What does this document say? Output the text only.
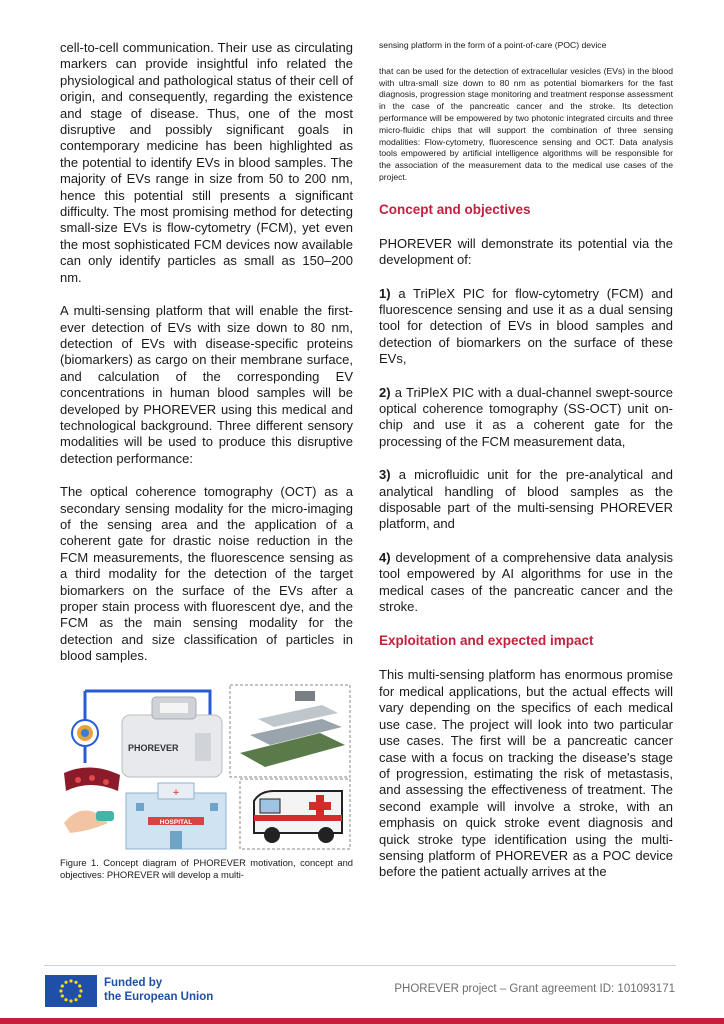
cell-to-cell communication. Their use as circulating markers can provide insightful info related the physiological and pathological status of their cell of origin, and consequently, regarding the existence and stage of disease. Thus, one of the most disruptive and possibly significant goals in contemporary medicine has been highlighted as the potential to identify EVs in blood samples. The majority of EVs range in size from 50 to 200 nm, hence this potential still presents a significant difficulty. The most promising method for detecting small-size EVs is flow-cytometry (FCM), yet even the most sophisticated FCM devices now available can only identify particles as small as 150–200 nm.

A multi-sensing platform that will enable the first-ever detection of EVs with size down to 80 nm, detection of EVs with disease-specific proteins (biomarkers) as cargo on their membrane surface, and calculation of the corresponding EV concentrations in human blood samples will be developed by PHOREVER using this medical and technological background. Three different sensory modalities will be used to produce this disruptive detection performance:

The optical coherence tomography (OCT) as a secondary sensing modality for the micro-imaging of the sensing area and the application of a coherent gate for drastic noise reduction in the FCM measurements, the fluorescence sensing as a third modality for the detection of the target biomarkers on the surface of the EVs after a proper stain process with fluorescent dye, and the FCM as the main sensing modality for the detection and size classification of particles in blood samples.

PHOREVER
+
HOSPITAL

Figure 1. Concept diagram of PHOREVER motivation, concept and objectives: PHOREVER will develop a multi-

sensing platform in the form of a point-of-care (POC) device

that can be used for the detection of extracellular vesicles (EVs) in the blood with ultra-small size down to 80 nm as potential biomarkers for the fast diagnosis, progression stage monitoring and treatment response assessment in the case of the pancreatic cancer and the stroke. Its detection performance will be empowered by two photonic integrated circuits and three micro-fluidic chips that will support the combination of three sensing modalities: Flow-cytometry, fluorescence sensing and OCT. Data analysis tools empowered by artificial intelligence algorithms will be responsible for the association of the measurement data to the medical use cases of the project.

Concept and objectives

PHOREVER will demonstrate its potential via the development of:

1) a TriPleX PIC for flow-cytometry (FCM) and fluorescence sensing and use it as a dual sensing tool for detection of EVs in blood samples and detection of biomarkers on the surface of these EVs,

2) a TriPleX PIC with a dual-channel swept-source optical coherence tomography (SS-OCT) unit on-chip and use it as a coherent gate for the processing of the FCM measurement data,

3) a microfluidic unit for the pre-analytical and analytical handling of blood samples as the disposable part of the multi-sensing PHOREVER platform, and

4) development of a comprehensive data analysis tool empowered by AI algorithms for use in the medical cases of the pancreatic cancer and the stroke.

Exploitation and expected impact

This multi-sensing platform has enormous promise for medical applications, but the actual effects will vary depending on the specifics of each medical use case. The project will look into two particular use cases. The first will be a pancreatic cancer case with a focus on tracking the disease's stage of progression, estimating the risk of metastasis, and assessing the effectiveness of treatment. The second example will involve a stroke, with an emphasis on quick stroke event diagnosis and quick stroke type identification using the multi-sensing platform of PHOREVER as a POC device before the patient actually arrives at the

Funded by
the European Union
PHOREVER project – Grant agreement ID: 101093171
